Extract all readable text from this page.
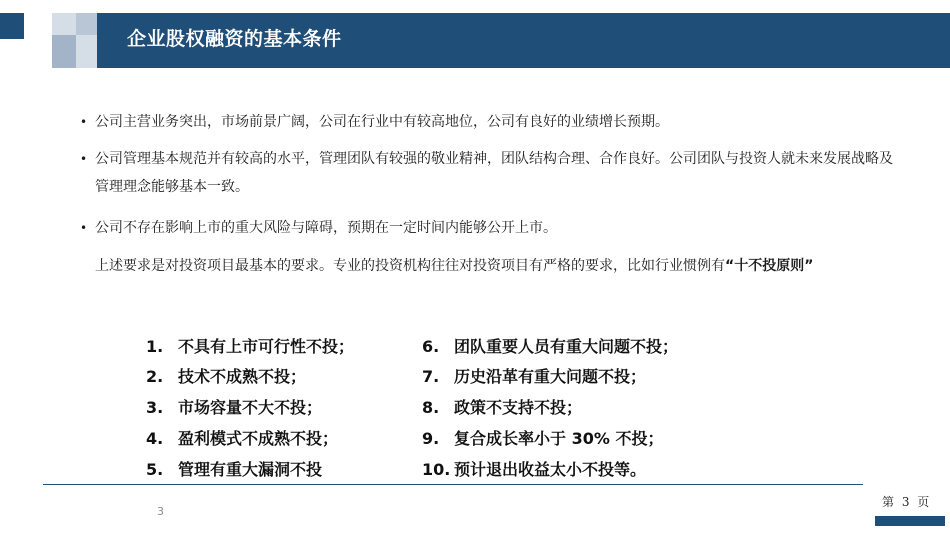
企业股权融资的基本条件
• 公司主营业务突出，市场前景广阔，公司在行业中有较高地位，公司有良好的业绩增长预期。
• 公司管理基本规范并有较高的水平，管理团队有较强的敬业精神，团队结构合理、合作良好。公司团队与投资人就未来发展战略及管理理念能够基本一致。
• 公司不存在影响上市的重大风险与障碍，预期在一定时间内能够公开上市。
上述要求是对投资项目最基本的要求。专业的投资机构往往对投资项目有严格的要求，比如行业惯例有“十不投原则”
1. 不具有上市可行性不投；
2. 技术不成熟不投；
3. 市场容量不大不投；
4. 盈利模式不成熟不投；
5. 管理有重大漏洞不投
6. 团队重要人员有重大问题不投；
7. 历史沿革有重大问题不投；
8. 政策不支持不投；
9. 复合成长率小于 30% 不投；
10. 预计退出收益太小不投等。
3
第 3 页
